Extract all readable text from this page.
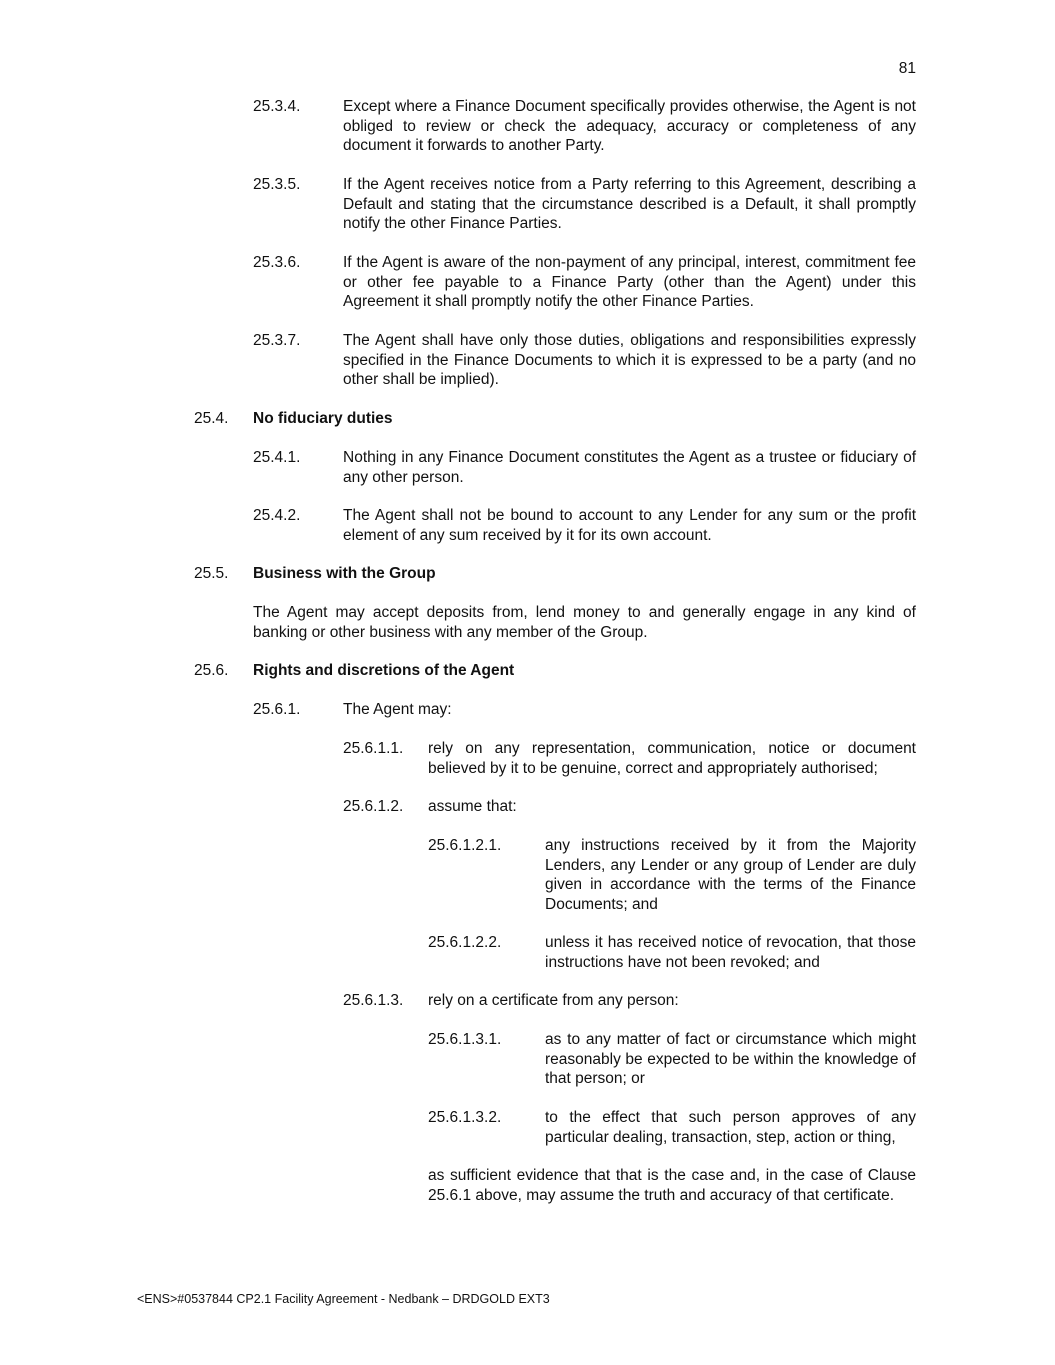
81
25.3.4.	Except where a Finance Document specifically provides otherwise, the Agent is not obliged to review or check the adequacy, accuracy or completeness of any document it forwards to another Party.
25.3.5.	If the Agent receives notice from a Party referring to this Agreement, describing a Default and stating that the circumstance described is a Default, it shall promptly notify the other Finance Parties.
25.3.6.	If the Agent is aware of the non-payment of any principal, interest, commitment fee or other fee payable to a Finance Party (other than the Agent) under this Agreement it shall promptly notify the other Finance Parties.
25.3.7.	The Agent shall have only those duties, obligations and responsibilities expressly specified in the Finance Documents to which it is expressed to be a party (and no other shall be implied).
25.4. No fiduciary duties
25.4.1.	Nothing in any Finance Document constitutes the Agent as a trustee or fiduciary of any other person.
25.4.2.	The Agent shall not be bound to account to any Lender for any sum or the profit element of any sum received by it for its own account.
25.5. Business with the Group
The Agent may accept deposits from, lend money to and generally engage in any kind of banking or other business with any member of the Group.
25.6. Rights and discretions of the Agent
25.6.1.	The Agent may:
25.6.1.1. rely on any representation, communication, notice or document believed by it to be genuine, correct and appropriately authorised;
25.6.1.2. assume that:
25.6.1.2.1.	any instructions received by it from the Majority Lenders, any Lender or any group of Lender are duly given in accordance with the terms of the Finance Documents; and
25.6.1.2.2.	unless it has received notice of revocation, that those instructions have not been revoked; and
25.6.1.3. rely on a certificate from any person:
25.6.1.3.1.	as to any matter of fact or circumstance which might reasonably be expected to be within the knowledge of that person; or
25.6.1.3.2.	to the effect that such person approves of any particular dealing, transaction, step, action or thing,
as sufficient evidence that that is the case and, in the case of Clause 25.6.1 above, may assume the truth and accuracy of that certificate.
<ENS>#0537844 CP2.1 Facility Agreement - Nedbank – DRDGOLD EXT3
